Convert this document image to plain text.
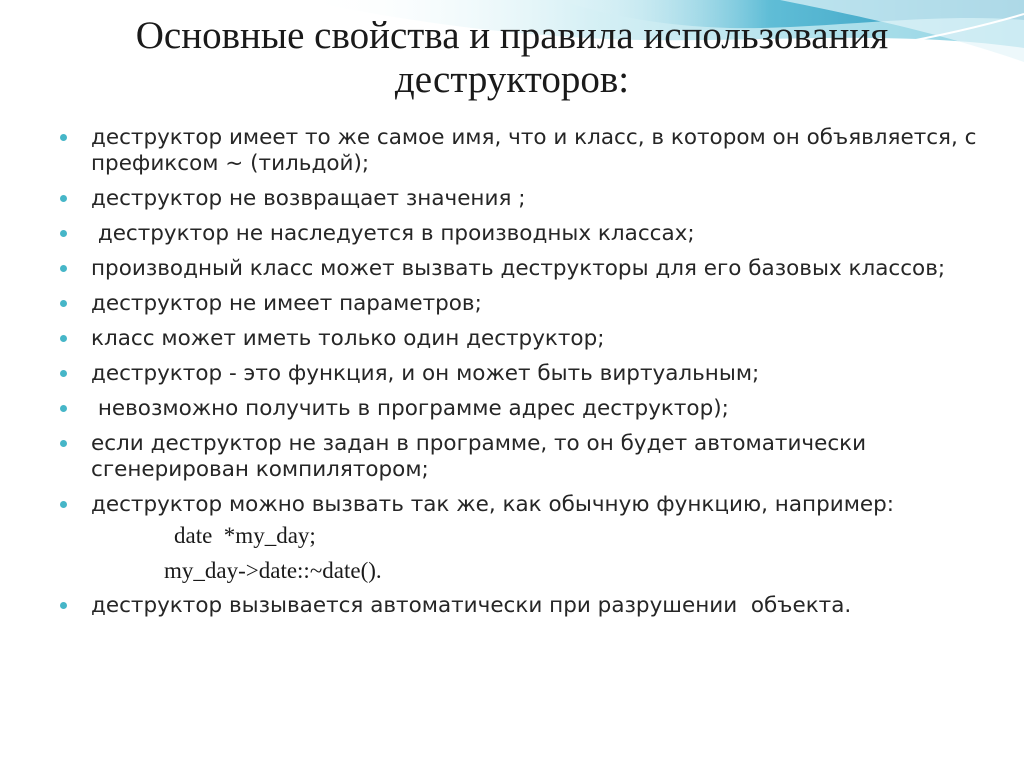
Основные свойства и правила использования
деструкторов:
деструктор имеет то же самое имя, что и класс, в котором он объявляется, с префиксом ~ (тильдой);
деструктор не возвращает значения ;
деструктор не наследуется в производных классах;
производный класс может вызвать деструкторы для его базовых классов;
деструктор не имеет параметров;
класс может иметь только один деструктор;
деструктор - это функция, и он может быть виртуальным;
невозможно получить в программе адрес деструктор);
если деструктор не задан в программе, то он будет автоматически сгенерирован компилятором;
деструктор можно вызвать так же, как обычную функцию, например:
date  *my_day;
my_day->date::~date().
деструктор вызывается автоматически при разрушении  объекта.
